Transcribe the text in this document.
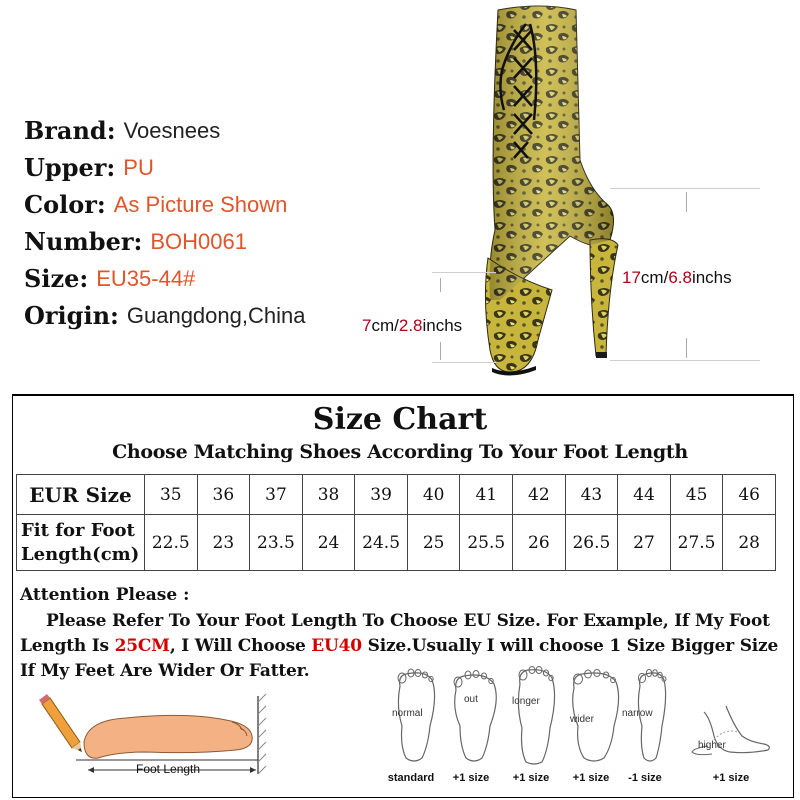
Brand: Voesnees
Upper: PU
Color: As Picture Shown
Number: BOH0061
Size: EU35-44#
Origin: Guangdong,China
17cm/6.8inchs
7cm/2.8inchs
Size Chart
Choose Matching Shoes According To Your Foot Length
EUR Size	35	36	37	38	39	40	41	42	43	44	45	46

Fit for Foot
Length(cm)	22.5	23	23.5	24	24.5	25	25.5	26	26.5	27	27.5	28
Attention Please :
Please Refer To Your Foot Length To Choose EU Size. For Example, If My Foot Length Is 25CM, I Will Choose EU40 Size.Usually I will choose 1 Size Bigger Size If My Feet Are Wider Or Fatter.
Foot Length
normal
standard
out
+1 size
longer
+1 size
wider
+1 size
narrow
-1 size
higher
+1 size
